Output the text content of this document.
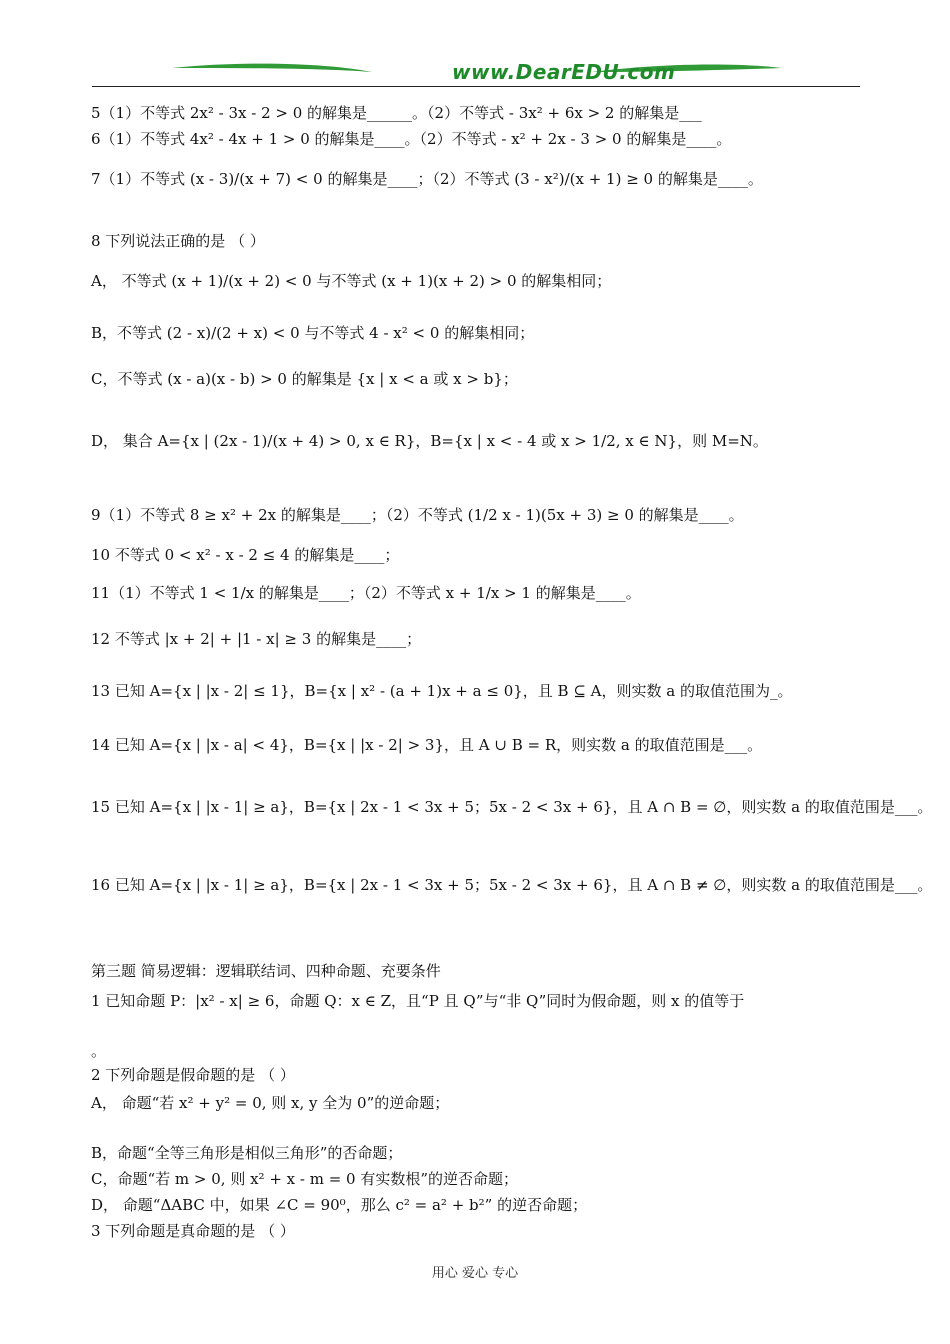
www.DearEDU.com
5（1）不等式 2x² - 3x - 2 > 0 的解集是______。（2）不等式 - 3x² + 6x > 2 的解集是___
6（1）不等式 4x² - 4x + 1 > 0 的解集是____。（2）不等式 - x² + 2x - 3 > 0 的解集是____。
7（1）不等式 (x - 3)/(x + 7) < 0 的解集是____；（2）不等式 (3 - x²)/(x + 1) ≥ 0 的解集是____。
8 下列说法正确的是 （ ）
A， 不等式 (x + 1)/(x + 2) < 0 与不等式 (x + 1)(x + 2) > 0 的解集相同；
B，不等式 (2 - x)/(2 + x) < 0 与不等式 4 - x² < 0 的解集相同；
C，不等式 (x - a)(x - b) > 0 的解集是 {x | x < a 或 x > b}；
D， 集合 A={x | (2x - 1)/(x + 4) > 0, x ∈ R}，B={x | x < - 4 或 x > 1/2, x ∈ N}，则 M=N。
9（1）不等式 8 ≥ x² + 2x 的解集是____；（2）不等式 (1/2 x - 1)(5x + 3) ≥ 0 的解集是____。
10 不等式 0 < x² - x - 2 ≤ 4 的解集是____；
11（1）不等式 1 < 1/x 的解集是____；（2）不等式 x + 1/x > 1 的解集是____。
12 不等式 |x + 2| + |1 - x| ≥ 3 的解集是____；
13 已知 A={x | |x - 2| ≤ 1}，B={x | x² - (a + 1)x + a ≤ 0}，且 B ⊆ A，则实数 a 的取值范围为_。
14 已知 A={x | |x - a| < 4}，B={x | |x - 2| > 3}，且 A ∪ B = R，则实数 a 的取值范围是___。
15 已知 A={x | |x - 1| ≥ a}，B={x | 2x - 1 < 3x + 5；5x - 2 < 3x + 6}，且 A ∩ B = ∅，则实数 a 的取值范围是___。
16 已知 A={x | |x - 1| ≥ a}，B={x | 2x - 1 < 3x + 5；5x - 2 < 3x + 6}，且 A ∩ B ≠ ∅，则实数 a 的取值范围是___。
第三题 简易逻辑：逻辑联结词、四种命题、充要条件
1 已知命题 P：|x² - x| ≥ 6，命题 Q：x ∈ Z，且“P 且 Q”与“非 Q”同时为假命题，则 x 的值等于
。
2 下列命题是假命题的是 （ ）
A， 命题“若 x² + y² = 0, 则 x, y 全为 0”的逆命题；
B，命题“全等三角形是相似三角形”的否命题；
C，命题“若 m > 0, 则 x² + x - m = 0 有实数根”的逆否命题；
D， 命题“ΔABC 中，如果 ∠C = 90⁰，那么 c² = a² + b²” 的逆否命题；
3 下列命题是真命题的是 （ ）
用心 爱心 专心
